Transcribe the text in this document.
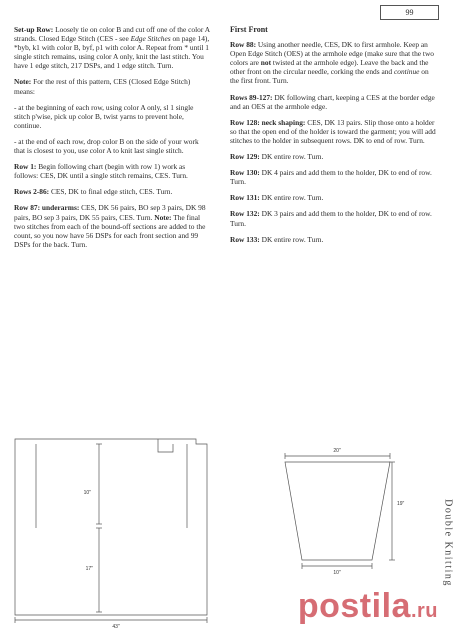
99

Set-up Row: Loosely tie on color B and cut off one of the color A strands. Closed Edge Stitch (CES - see Edge Stitches on page 14), *byb, k1 with color B, byf, p1 with color A. Repeat from * until 1 single stitch remains, using color A only, knit the last stitch. You have 1 edge stitch, 217 DSPs, and 1 edge stitch. Turn.

Note: For the rest of this pattern, CES (Closed Edge Stitch) means:

- at the beginning of each row, using color A only, sl 1 single stitch p'wise, pick up color B, twist yarns to prevent hole, continue.

- at the end of each row, drop color B on the side of your work that is closest to you, use color A to knit last single stitch.

Row 1: Begin following chart (begin with row 1) work as follows: CES, DK until a single stitch remains, CES. Turn.

Rows 2-86: CES, DK to final edge stitch, CES. Turn.

Row 87: underarms: CES, DK 56 pairs, BO sep 3 pairs, DK 98 pairs, BO sep 3 pairs, DK 55 pairs, CES. Turn. Note: The final two stitches from each of the bound-off sections are added to the count, so you now have 56 DSPs for each front section and 99 DSPs for the back. Turn.

First Front

Row 88: Using another needle, CES, DK to first armhole. Keep an Open Edge Stitch (OES) at the armhole edge (make sure that the two colors are not twisted at the armhole edge). Leave the back and the other front on the circular needle, corking the ends and continue on the first front. Turn.

Rows 89-127: DK following chart, keeping a CES at the border edge and an OES at the armhole edge.

Row 128: neck shaping: CES, DK 13 pairs. Slip those onto a holder so that the open end of the holder is toward the garment; you will add stitches to the holder in subsequent rows. DK to end of row. Turn.

Row 129: DK entire row. Turn.

Row 130: DK 4 pairs and add them to the holder, DK to end of row. Turn.

Row 131: DK entire row. Turn.

Row 132: DK 3 pairs and add them to the holder, DK to end of row. Turn.

Row 133: DK entire row. Turn.

10"
17"
43"
20"
19"
10"	Double Knitting
postila.ru
